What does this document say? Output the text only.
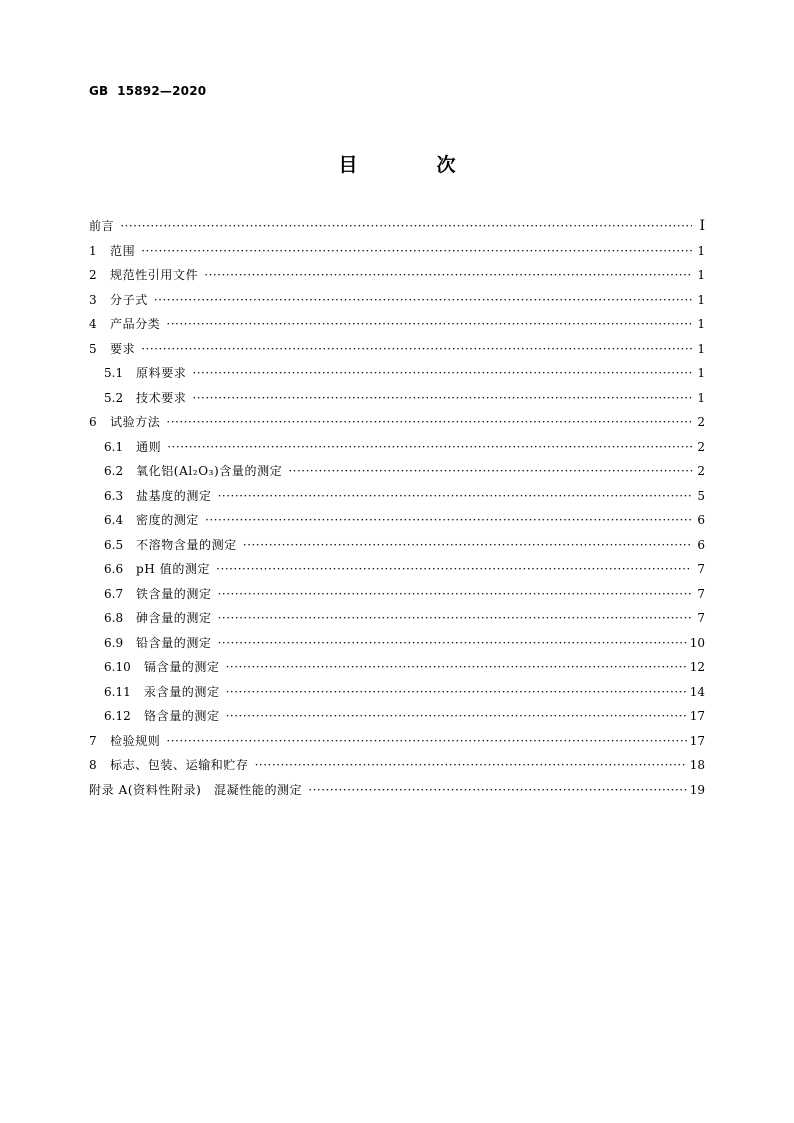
GB  15892—2020
目　次
前言 ·····	Ⅰ
1	范围 ·····	1
2	规范性引用文件 ·····	1
3	分子式 ·····	1
4	产品分类 ·····	1
5	要求 ·····	1
5.1	原料要求 ·····	1
5.2	技术要求 ·····	1
6	试验方法 ·····	2
6.1	通则 ·····	2
6.2	氧化铝(Al₂O₃)含量的测定 ·····	2
6.3	盐基度的测定 ·····	5
6.4	密度的测定 ·····	6
6.5	不溶物含量的测定 ·····	6
6.6	pH 值的测定 ·····	7
6.7	铁含量的测定 ·····	7
6.8	砷含量的测定 ·····	7
6.9	铅含量的测定 ·····	10
6.10	镉含量的测定 ·····	12
6.11	汞含量的测定 ·····	14
6.12	铬含量的测定 ·····	17
7	检验规则 ·····	17
8	标志、包装、运输和贮存 ·····	18
附录 A(资料性附录)　混凝性能的测定 ·····	19
